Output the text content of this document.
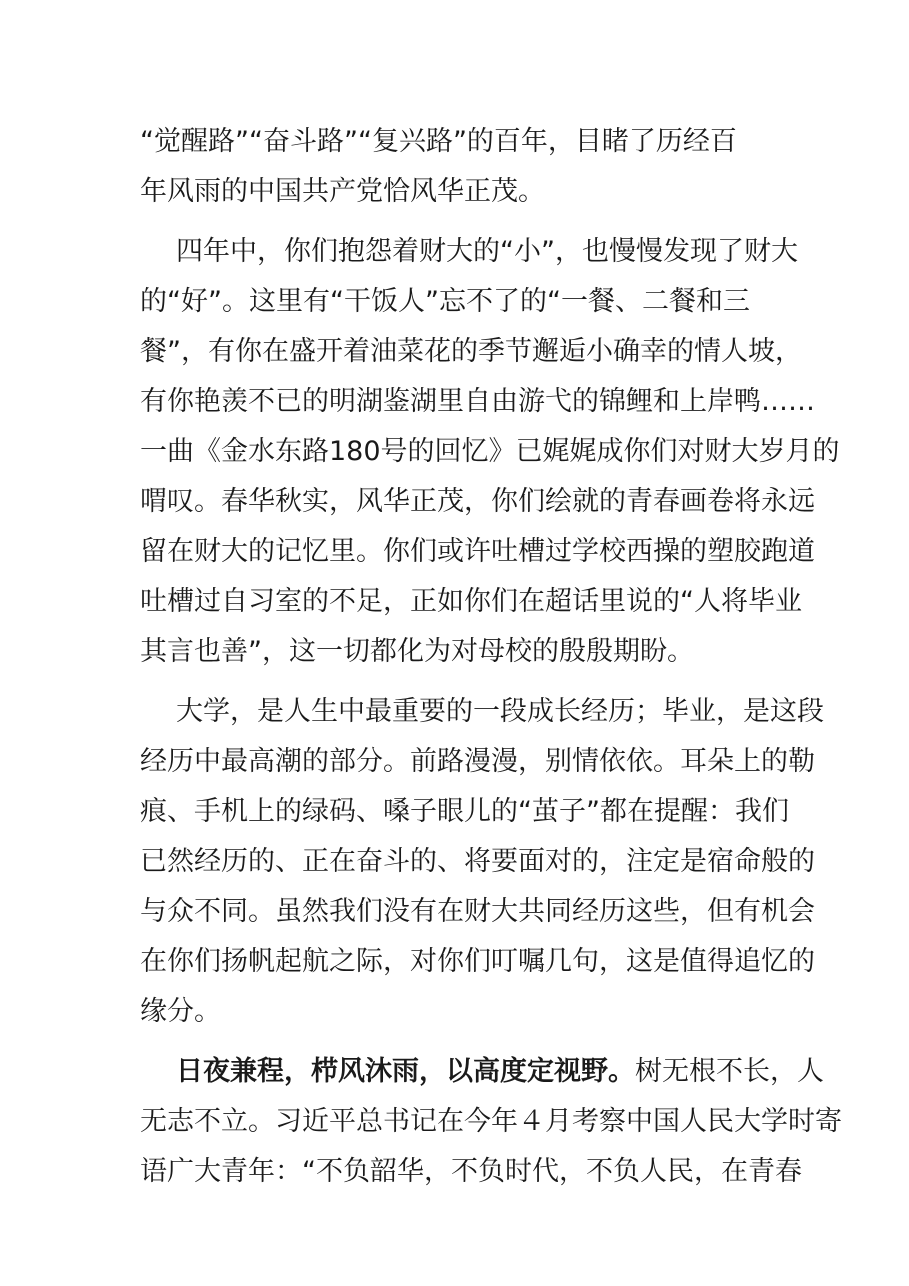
“觉醒路”“奋斗路”“复兴路”的百年，目睹了历经百
年风雨的中国共产党恰风华正茂。
四年中，你们抱怨着财大的“小”，也慢慢发现了财大
的“好”。这里有“干饭人”忘不了的“一餐、二餐和三
餐”，有你在盛开着油菜花的季节邂逅小确幸的情人坡，
有你艳羡不已的明湖鉴湖里自由游弋的锦鲤和上岸鸭……
一曲《金水东路180号的回忆》已娓娓成你们对财大岁月的
喟叹。春华秋实，风华正茂，你们绘就的青春画卷将永远
留在财大的记忆里。你们或许吐槽过学校西操的塑胶跑道
吐槽过自习室的不足，正如你们在超话里说的“人将毕业
其言也善”，这一切都化为对母校的殷殷期盼。
大学，是人生中最重要的一段成长经历；毕业，是这段
经历中最高潮的部分。前路漫漫，别情依依。耳朵上的勒
痕、手机上的绿码、嗓子眼儿的“茧子”都在提醒：我们
已然经历的、正在奋斗的、将要面对的，注定是宿命般的
与众不同。虽然我们没有在财大共同经历这些，但有机会
在你们扬帆起航之际，对你们叮嘱几句，这是值得追忆的
缘分。
日夜兼程，栉风沐雨，以高度定视野。树无根不长，人
无志不立。习近平总书记在今年４月考察中国人民大学时寄
语广大青年：“不负韶华，不负时代，不负人民，在青春
